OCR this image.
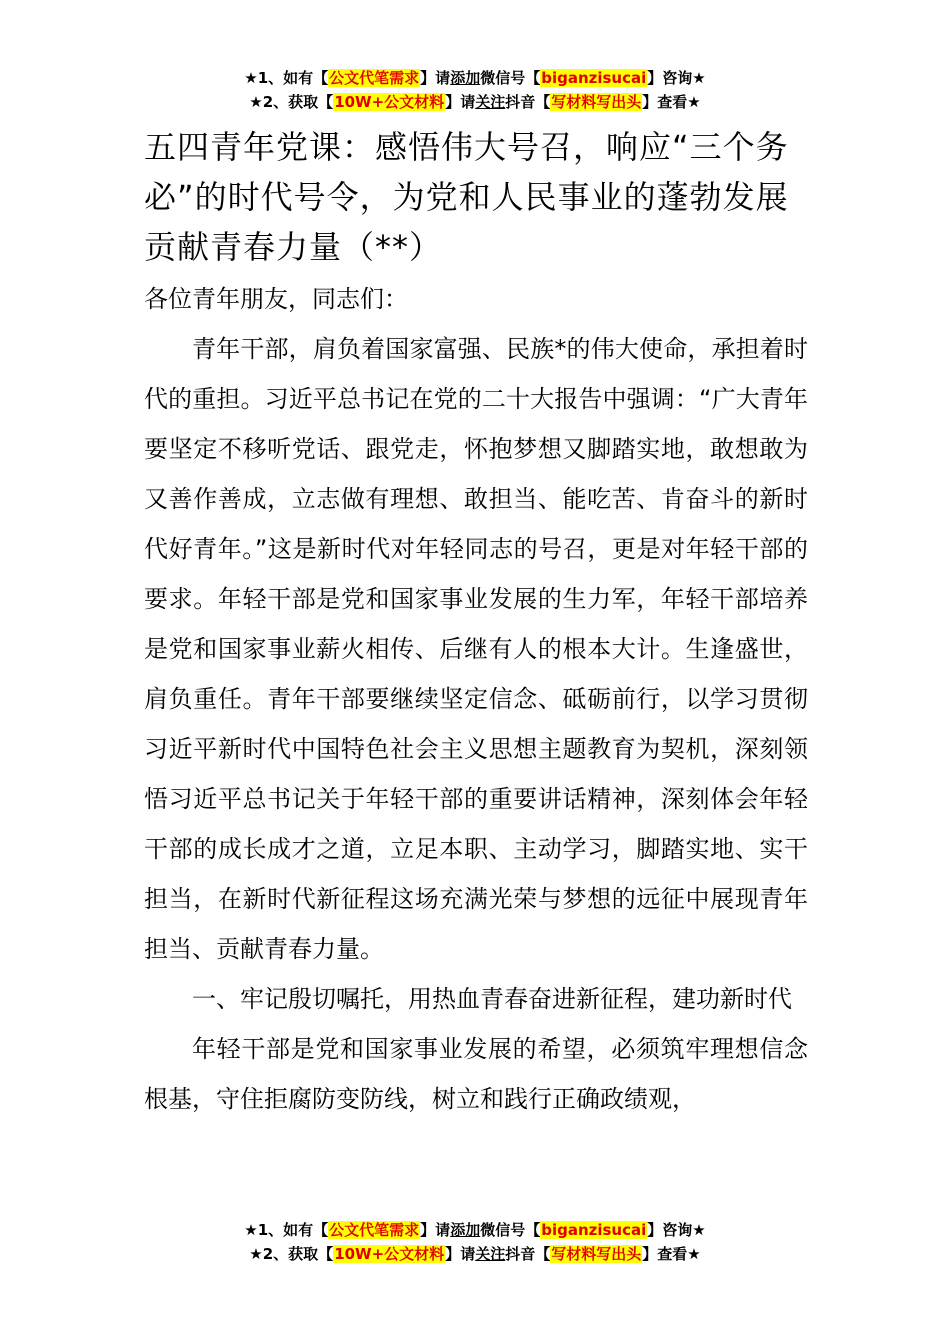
★1、如有【公文代笔需求】请添加微信号【biganzisucai】咨询★
★2、获取【10W+公文材料】请关注抖音【写材料写出头】查看★
五四青年党课：感悟伟大号召，响应“三个务必”的时代号令，为党和人民事业的蓬勃发展贡献青春力量（**）

各位青年朋友，同志们：

青年干部，肩负着国家富强、民族*的伟大使命，承担着时代的重担。习近平总书记在党的二十大报告中强调：“广大青年要坚定不移听党话、跟党走，怀抱梦想又脚踏实地，敢想敢为又善作善成，立志做有理想、敢担当、能吃苦、肯奋斗的新时代好青年。”这是新时代对年轻同志的号召，更是对年轻干部的要求。年轻干部是党和国家事业发展的生力军，年轻干部培养是党和国家事业薪火相传、后继有人的根本大计。生逢盛世，肩负重任。青年干部要继续坚定信念、砥砺前行，以学习贯彻习近平新时代中国特色社会主义思想主题教育为契机，深刻领悟习近平总书记关于年轻干部的重要讲话精神，深刻体会年轻干部的成长成才之道，立足本职、主动学习，脚踏实地、实干担当，在新时代新征程这场充满光荣与梦想的远征中展现青年担当、贡献青春力量。

一、牢记殷切嘱托，用热血青春奋进新征程，建功新时代

年轻干部是党和国家事业发展的希望，必须筑牢理想信念根基，守住拒腐防变防线，树立和践行正确政绩观，

★1、如有【公文代笔需求】请添加微信号【biganzisucai】咨询★
★2、获取【10W+公文材料】请关注抖音【写材料写出头】查看★
